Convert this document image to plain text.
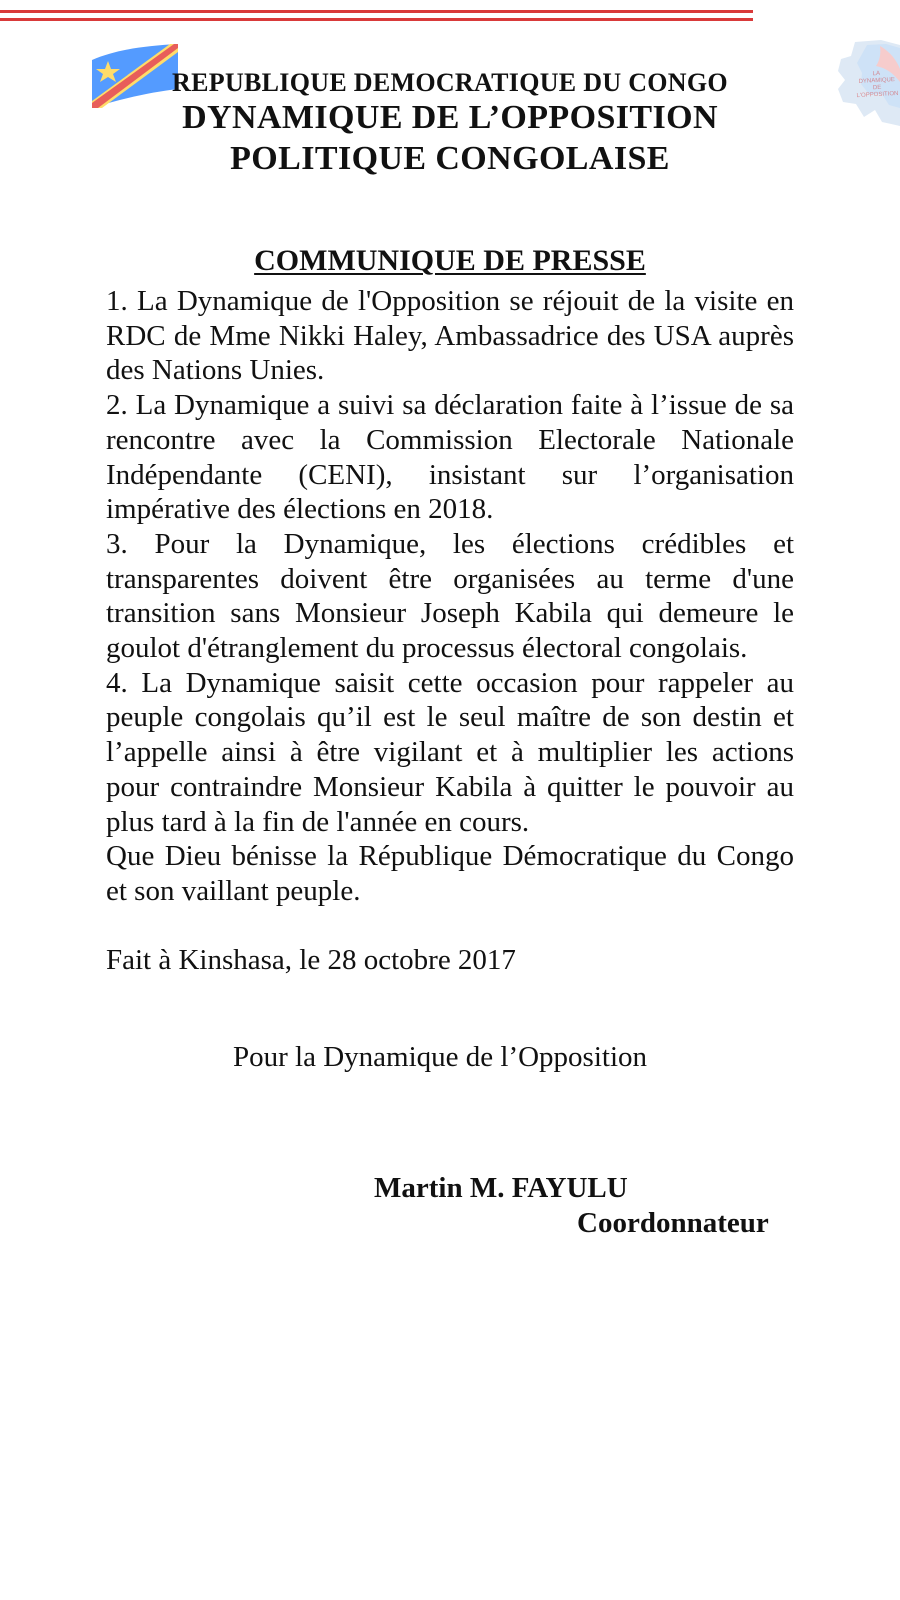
LA DYNAMIQUE DE L'OPPOSITION
REPUBLIQUE DEMOCRATIQUE DU CONGO
DYNAMIQUE DE L’OPPOSITION
POLITIQUE CONGOLAISE
COMMUNIQUE DE PRESSE

1. La Dynamique de l'Opposition se réjouit de la visite en RDC de Mme Nikki Haley, Ambassadrice des USA auprès des Nations Unies.

2. La Dynamique a suivi sa déclaration faite à l’issue de sa rencontre avec la Commission Electorale Nationale Indépendante (CENI), insistant sur l’organisation impérative des élections en 2018.

3. Pour la Dynamique, les élections crédibles et transparentes doivent être organisées au terme d'une transition sans Monsieur Joseph Kabila qui demeure le goulot d'étranglement du processus électoral congolais.

4. La Dynamique saisit cette occasion pour rappeler au peuple congolais qu’il est le seul maître de son destin et l’appelle ainsi à être vigilant et à multiplier les actions pour contraindre Monsieur Kabila à quitter le pouvoir au plus tard à la fin de l'année en cours.

Que Dieu bénisse la République Démocratique du Congo et son vaillant peuple.

Fait à Kinshasa, le 28 octobre 2017
Pour la Dynamique de l’Opposition
Martin M. FAYULU
Coordonnateur
